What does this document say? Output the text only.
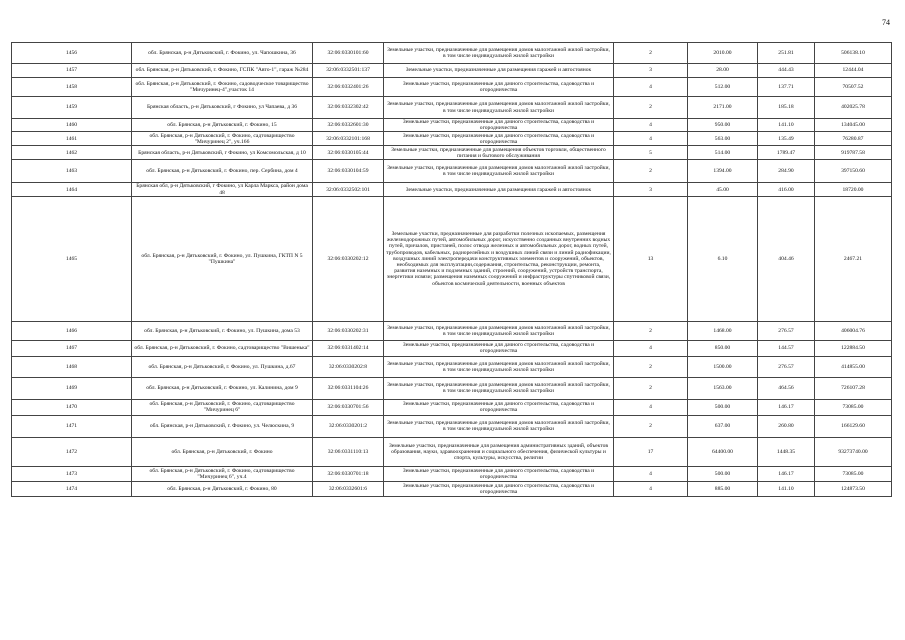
74
1456	обл. Брянская, р-н Дятьковский, г. Фокино, ул. Чапошкина, 36	32:06:0330101:60	Земельные участки, предназначенные для размещения домов малоэтажной жилой застройки, в том числе индивидуальной жилой застройки	2	2010.00	251.81	506138.10
1457	обл. Брянская, р-н Дятьковский, г. Фокино, ГСПК "Авто-1", гараж №284	32:06:0332501:137	Земельные участки, предназначенные для размещения гаражей и автостоянок	3	28.00	444.43	12444.04
1458	обл. Брянская, р-н Дятьковский, г. Фокино, садоводческое товарищество "Мичуринец-4",участок 14	32:06:0332401:26	Земельные участки, предназначенные для дачного строительства, садоводства и огородничества	4	512.00	137.71	70507.52
1459	Брянская область, р-н Дятьковский, г Фокино, ул Чапаева, д 36	32:06:0332302:42	Земельные участки, предназначенные для размещения домов малоэтажной жилой застройки, в том числе индивидуальной жилой застройки	2	2171.00	185.18	402025.78
1460	обл. Брянская, р-н Дятьковский, г. Фокино, 15	32:06:0332601:30	Земельные участки, предназначенные для дачного строительства, садоводства и огородничества	4	950.00	141.10	134045.00
1461	обл. Брянская, р-н Дятьковский, г. Фокино, садтоварищество "Мичуринец 2", уч.166	32:06:0332101:168	Земельные участки, предназначенные для дачного строительства, садоводства и огородничества	4	563.00	135.49	76280.87
1462	Брянская область, р-н Дятьковский, г Фокино, ул Комсомольская, д 10	32:06:0330105:44	Земельные участки, предназначенные для размещения объектов торговли, общественного питания и бытового обслуживания	5	514.00	1789.47	919787.58
1463	обл. Брянская, р-н Дятьковский, г. Фокино, пер. Сербина, дом 4	32:06:0330104:59	Земельные участки, предназначенные для размещения домов малоэтажной жилой застройки, в том числе индивидуальной жилой застройки	2	1394.00	284.90	397150.60
1464	Брянская обл, р-н Дятьковский, г Фокино, ул Карла Маркса, район дома 48	32:06:0332502:101	Земельные участки, предназначенные для размещения гаражей и автостоянок	3	45.00	416.00	18720.00
1465	обл. Брянская, р-н Дятьковский, г. Фокино, ул. Пушкина, ГКТП N 5 "Пушкина"	32:06:0330202:12	Земельные участки, предназначенные для разработки полезных ископаемых, размещения железнодорожных путей, автомобильных дорог, искусственно созданных внутренних водных путей, причалов, пристаней, полос отвода железных и автомобильных дорог, водных путей, трубопроводов, кабельных, радиорелейных и воздушных линий связи и линий радиофикации, воздушных линий электропередачи конструктивных элементов и сооружений, объектов, необходимых для эксплуатации,содержания, строительства, реконструкции, ремонта, развития наземных и подземных зданий, строений, сооружений, устройств транспорта, энергетики исвязи; размещения наземных сооружений и инфраструктуры спутниковой связи, объектов космической деятельности, военных объектов	13	6.10	404.46	2467.21
1466	обл. Брянская, р-н Дятьковский, г. Фокино, ул. Пушкина, дома 53	32:06:0330202:31	Земельные участки, предназначенные для размещения домов малоэтажной жилой застройки, в том числе индивидуальной жилой застройки	2	1468.00	276.57	406004.76
1467	обл. Брянская, р-н Дятьковский, г. Фокино, садтоварищество "Вишенька"	32:06:0331402:14	Земельные участки, предназначенные для дачного строительства, садоводства и огородничества	4	850.00	144.57	122884.50
1468	обл. Брянская, р-н Дятьковский, г. Фокино, ул. Пушкина, д.67	32:06:0330202:8	Земельные участки, предназначенные для размещения домов малоэтажной жилой застройки, в том числе индивидуальной жилой застройки	2	1500.00	276.57	414855.00
1469	обл. Брянская, р-н Дятьковский, г. Фокино, ул. Калинина, дом 9	32:06:0331104:26	Земельные участки, предназначенные для размещения домов малоэтажной жилой застройки, в том числе индивидуальной жилой застройки	2	1563.00	464.56	726107.28
1470	обл. Брянская, р-н Дятьковский, г. Фокино, садтоварищество "Мичуринец 6"	32:06:0330701:56	Земельные участки, предназначенные для дачного строительства, садоводства и огородничества	4	500.00	146.17	73085.00
1471	обл. Брянская, р-н Дятьковский, г. Фокино, ул. Челюскина, 9	32:06:0330201:2	Земельные участки, предназначенные для размещения домов малоэтажной жилой застройки, в том числе индивидуальной жилой застройки	2	637.00	260.80	166129.60
1472	обл. Брянская, р-н Дятьковский, г. Фокино	32:06:0331110:13	Земельные участки, предназначенные для размещения административных зданий, объектов образования, науки, здравоохранения и социального обеспечения, физической культуры и спорта, культуры, искусства, религии	17	64400.00	1448.35	93273740.00
1473	обл. Брянская, р-н Дятьковский, г. Фокино, садтоварищество "Мичуринец 6", уч.4	32:06:0330701:18	Земельные участки, предназначенные для дачного строительства, садоводства и огородничества	4	500.00	146.17	73085.00
1474	обл. Брянская, р-н Дятьковский, г. Фокино, 80	32:06:0332601:6	Земельные участки, предназначенные для дачного строительства, садоводства и огородничества	4	885.00	141.10	124873.50
